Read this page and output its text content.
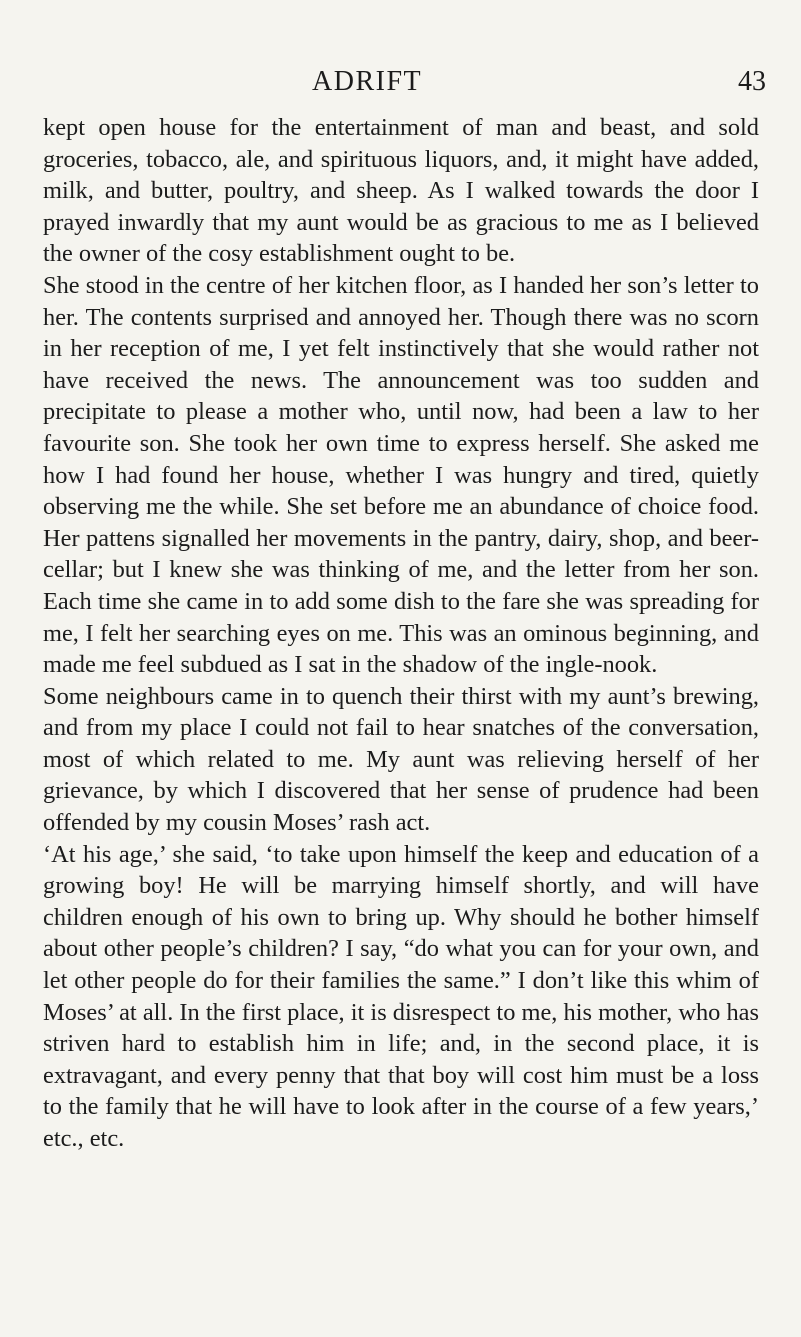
ADRIFT	43

kept open house for the entertainment of man and beast, and sold groceries, tobacco, ale, and spirituous liquors, and, it might have added, milk, and butter, poultry, and sheep. As I walked towards the door I prayed inwardly that my aunt would be as gracious to me as I believed the owner of the cosy establishment ought to be.

She stood in the centre of her kitchen floor, as I handed her son’s letter to her. The contents surprised and annoyed her. Though there was no scorn in her reception of me, I yet felt instinctively that she would rather not have received the news. The announcement was too sudden and precipitate to please a mother who, until now, had been a law to her favourite son. She took her own time to express herself. She asked me how I had found her house, whether I was hungry and tired, quietly observing me the while. She set before me an abundance of choice food. Her pattens signalled her movements in the pantry, dairy, shop, and beer-cellar; but I knew she was thinking of me, and the letter from her son. Each time she came in to add some dish to the fare she was spreading for me, I felt her searching eyes on me. This was an ominous beginning, and made me feel subdued as I sat in the shadow of the ingle-nook.

Some neighbours came in to quench their thirst with my aunt’s brewing, and from my place I could not fail to hear snatches of the conversation, most of which related to me. My aunt was relieving herself of her grievance, by which I discovered that her sense of prudence had been offended by my cousin Moses’ rash act.

‘At his age,’ she said, ‘to take upon himself the keep and education of a growing boy! He will be marrying himself shortly, and will have children enough of his own to bring up. Why should he bother himself about other people’s children? I say, “do what you can for your own, and let other people do for their families the same.” I don’t like this whim of Moses’ at all. In the first place, it is disrespect to me, his mother, who has striven hard to establish him in life; and, in the second place, it is extravagant, and every penny that that boy will cost him must be a loss to the family that he will have to look after in the course of a few years,’ etc., etc.
